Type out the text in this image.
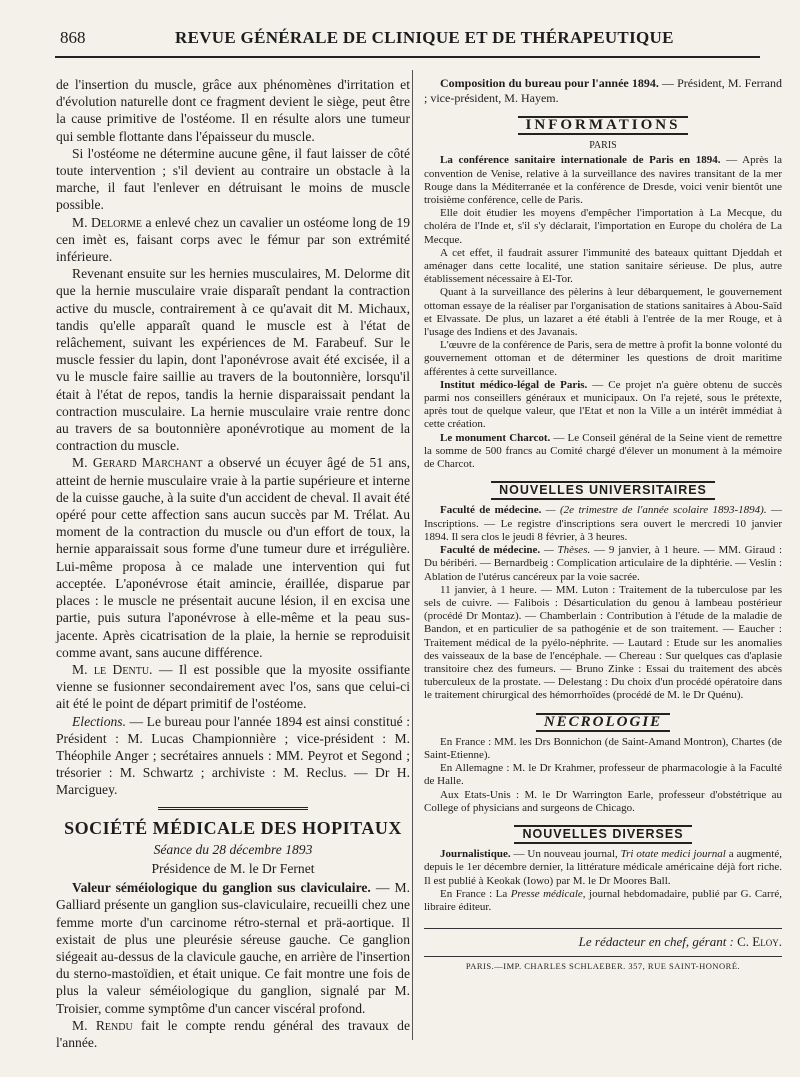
868	REVUE GÉNÉRALE DE CLINIQUE ET DE THÉRAPEUTIQUE

de l'insertion du muscle, grâce aux phénomènes d'irritation et d'évolution naturelle dont ce fragment devient le siège, peut être la cause primitive de l'ostéome. Il en résulte alors une tumeur qui semble flottante dans l'épaisseur du muscle.

Si l'ostéome ne détermine aucune gêne, il faut laisser de côté toute intervention ; s'il devient au contraire un obstacle à la marche, il faut l'enlever en détruisant le moins de muscle possible.

M. Delorme a enlevé chez un cavalier un ostéome long de 19 cen imèt es, faisant corps avec le fémur par son extrémité inférieure.

Revenant ensuite sur les hernies musculaires, M. Delorme dit que la hernie musculaire vraie disparaît pendant la contraction active du muscle, contrairement à ce qu'avait dit M. Michaux, tandis qu'elle apparaît quand le muscle est à l'état de relâchement, suivant les expériences de M. Farabeuf. Sur le muscle fessier du lapin, dont l'aponévrose avait été excisée, il a vu le muscle faire saillie au travers de la boutonnière, lorsqu'il était à l'état de repos, tandis la hernie disparaissait pendant la contraction musculaire. La hernie musculaire vraie rentre donc au travers de sa boutonnière aponévrotique au moment de la contraction du muscle.

M. Gerard Marchant a observé un écuyer âgé de 51 ans, atteint de hernie musculaire vraie à la partie supérieure et interne de la cuisse gauche, à la suite d'un accident de cheval. Il avait été opéré pour cette affection sans aucun succès par M. Trélat. Au moment de la contraction du muscle ou d'un effort de toux, la hernie apparaissait sous forme d'une tumeur dure et irrégulière. Lui-même proposa à ce malade une intervention qui fut acceptée. L'aponévrose était amincie, éraillée, disparue par places : le muscle ne présentait aucune lésion, il en excisa une partie, puis sutura l'aponévrose à elle-même et la peau sus-jacente. Après cicatrisation de la plaie, la hernie se reproduisit comme avant, sans aucune différence.

M. le Dentu. — Il est possible que la myosite ossifiante vienne se fusionner secondairement avec l'os, sans que celui-ci ait été le point de départ primitif de l'ostéome.

Elections. — Le bureau pour l'année 1894 est ainsi constitué : Président : M. Lucas Championnière ; vice-président : M. Théophile Anger ; secrétaires annuels : MM. Peyrot et Segond ; trésorier : M. Schwartz ; archiviste : M. Reclus. — Dr H. Marciguey.

SOCIÉTÉ MÉDICALE DES HOPITAUX
Séance du 28 décembre 1893
Présidence de M. le Dr Fernet

Valeur séméiologique du ganglion sus claviculaire. — M. Galliard présente un ganglion sus-claviculaire, recueilli chez une femme morte d'un carcinome rétro-sternal et prä-aortique. Il existait de plus une pleurésie séreuse gauche. Ce ganglion siégeait au-dessus de la clavicule gauche, en arrière de l'insertion du sterno-mastoïdien, et était unique. Ce fait montre une fois de plus la valeur séméiologique du ganglion, signalé par M. Troisier, comme symptôme d'un cancer viscéral profond.

M. Rendu fait le compte rendu général des travaux de l'année.

Composition du bureau pour l'année 1894. — Président, M. Ferrand ; vice-président, M. Hayem.

INFORMATIONS
PARIS

La conférence sanitaire internationale de Paris en 1894. — Après la convention de Venise, relative à la surveillance des navires transitant de la mer Rouge dans la Méditerranée et la conférence de Dresde, voici venir bientôt une troisième conférence, celle de Paris.

Elle doit étudier les moyens d'empêcher l'importation à La Mecque, du choléra de l'Inde et, s'il s'y déclarait, l'importation en Europe du choléra de La Mecque.

A cet effet, il faudrait assurer l'immunité des bateaux quittant Djeddah et aménager dans cette localité, une station sanitaire sérieuse. De plus, autre établissement nécessaire à El-Tor.

Quant à la surveillance des pèlerins à leur débarquement, le gouvernement ottoman essaye de la réaliser par l'organisation de stations sanitaires à Abou-Saïd et Elvassate. De plus, un lazaret a été établi à l'entrée de la mer Rouge, et à l'usage des Indiens et des Javanais.

L'œuvre de la conférence de Paris, sera de mettre à profit la bonne volonté du gouvernement ottoman et de déterminer les questions de droit maritime afférentes à cette surveillance.

Institut médico-légal de Paris. — Ce projet n'a guère obtenu de succès parmi nos conseillers généraux et municipaux. On l'a rejeté, sous le prétexte, après tout de quelque valeur, que l'Etat et non la Ville a un intérêt immédiat à cette création.

Le monument Charcot. — Le Conseil général de la Seine vient de remettre la somme de 500 francs au Comité chargé d'élever un monument à la mémoire de Charcot.

NOUVELLES UNIVERSITAIRES

Faculté de médecine. — (2e trimestre de l'année scolaire 1893-1894). — Inscriptions. — Le registre d'inscriptions sera ouvert le mercredi 10 janvier 1894. Il sera clos le jeudi 8 février, à 3 heures.

Faculté de médecine. — Thèses. — 9 janvier, à 1 heure. — MM. Giraud : Du béribéri. — Bernardbeig : Complication articulaire de la diphtérie. — Veslin : Ablation de l'utérus cancéreux par la voie sacrée.

11 janvier, à 1 heure. — MM. Luton : Traitement de la tuberculose par les sels de cuivre. — Falibois : Désarticulation du genou à lambeau postérieur (procédé Dr Montaz). — Chamberlain : Contribution à l'étude de la maladie de Bandon, et en particulier de sa pathogénie et de son traitement. — Eaucher : Traitement médical de la pyélo-néphrite. — Lautard : Etude sur les anomalies des vaisseaux de la base de l'encéphale. — Chereau : Sur quelques cas d'aplasie transitoire chez des fumeurs. — Bruno Zinke : Essai du traitement des abcès tuberculeux de la prostate. — Delestang : Du choix d'un procédé opératoire dans le traitement chirurgical des hémorrhoïdes (procédé de M. le Dr Quénu).

NÉCROLOGIE

En France : MM. les Drs Bonnichon (de Saint-Amand Montron), Chartes (de Saint-Etienne).

En Allemagne : M. le Dr Krahmer, professeur de pharmacologie à la Faculté de Halle.

Aux Etats-Unis : M. le Dr Warrington Earle, professeur d'obstétrique au College of physicians and surgeons de Chicago.

NOUVELLES DIVERSES

Journalistique. — Un nouveau journal, Tri otate medici journal a augmenté, depuis le 1er décembre dernier, la littérature médicale américaine déjà fort riche. Il est publié à Keokak (Iowo) par M. le Dr Moores Ball.

En France : La Presse médicale, journal hebdomadaire, publié par G. Carré, libraire éditeur.

Le rédacteur en chef, gérant : C. Eloy.
PARIS.—IMP. CHARLES SCHLAEBER. 357, RUE SAINT-HONORÉ.
